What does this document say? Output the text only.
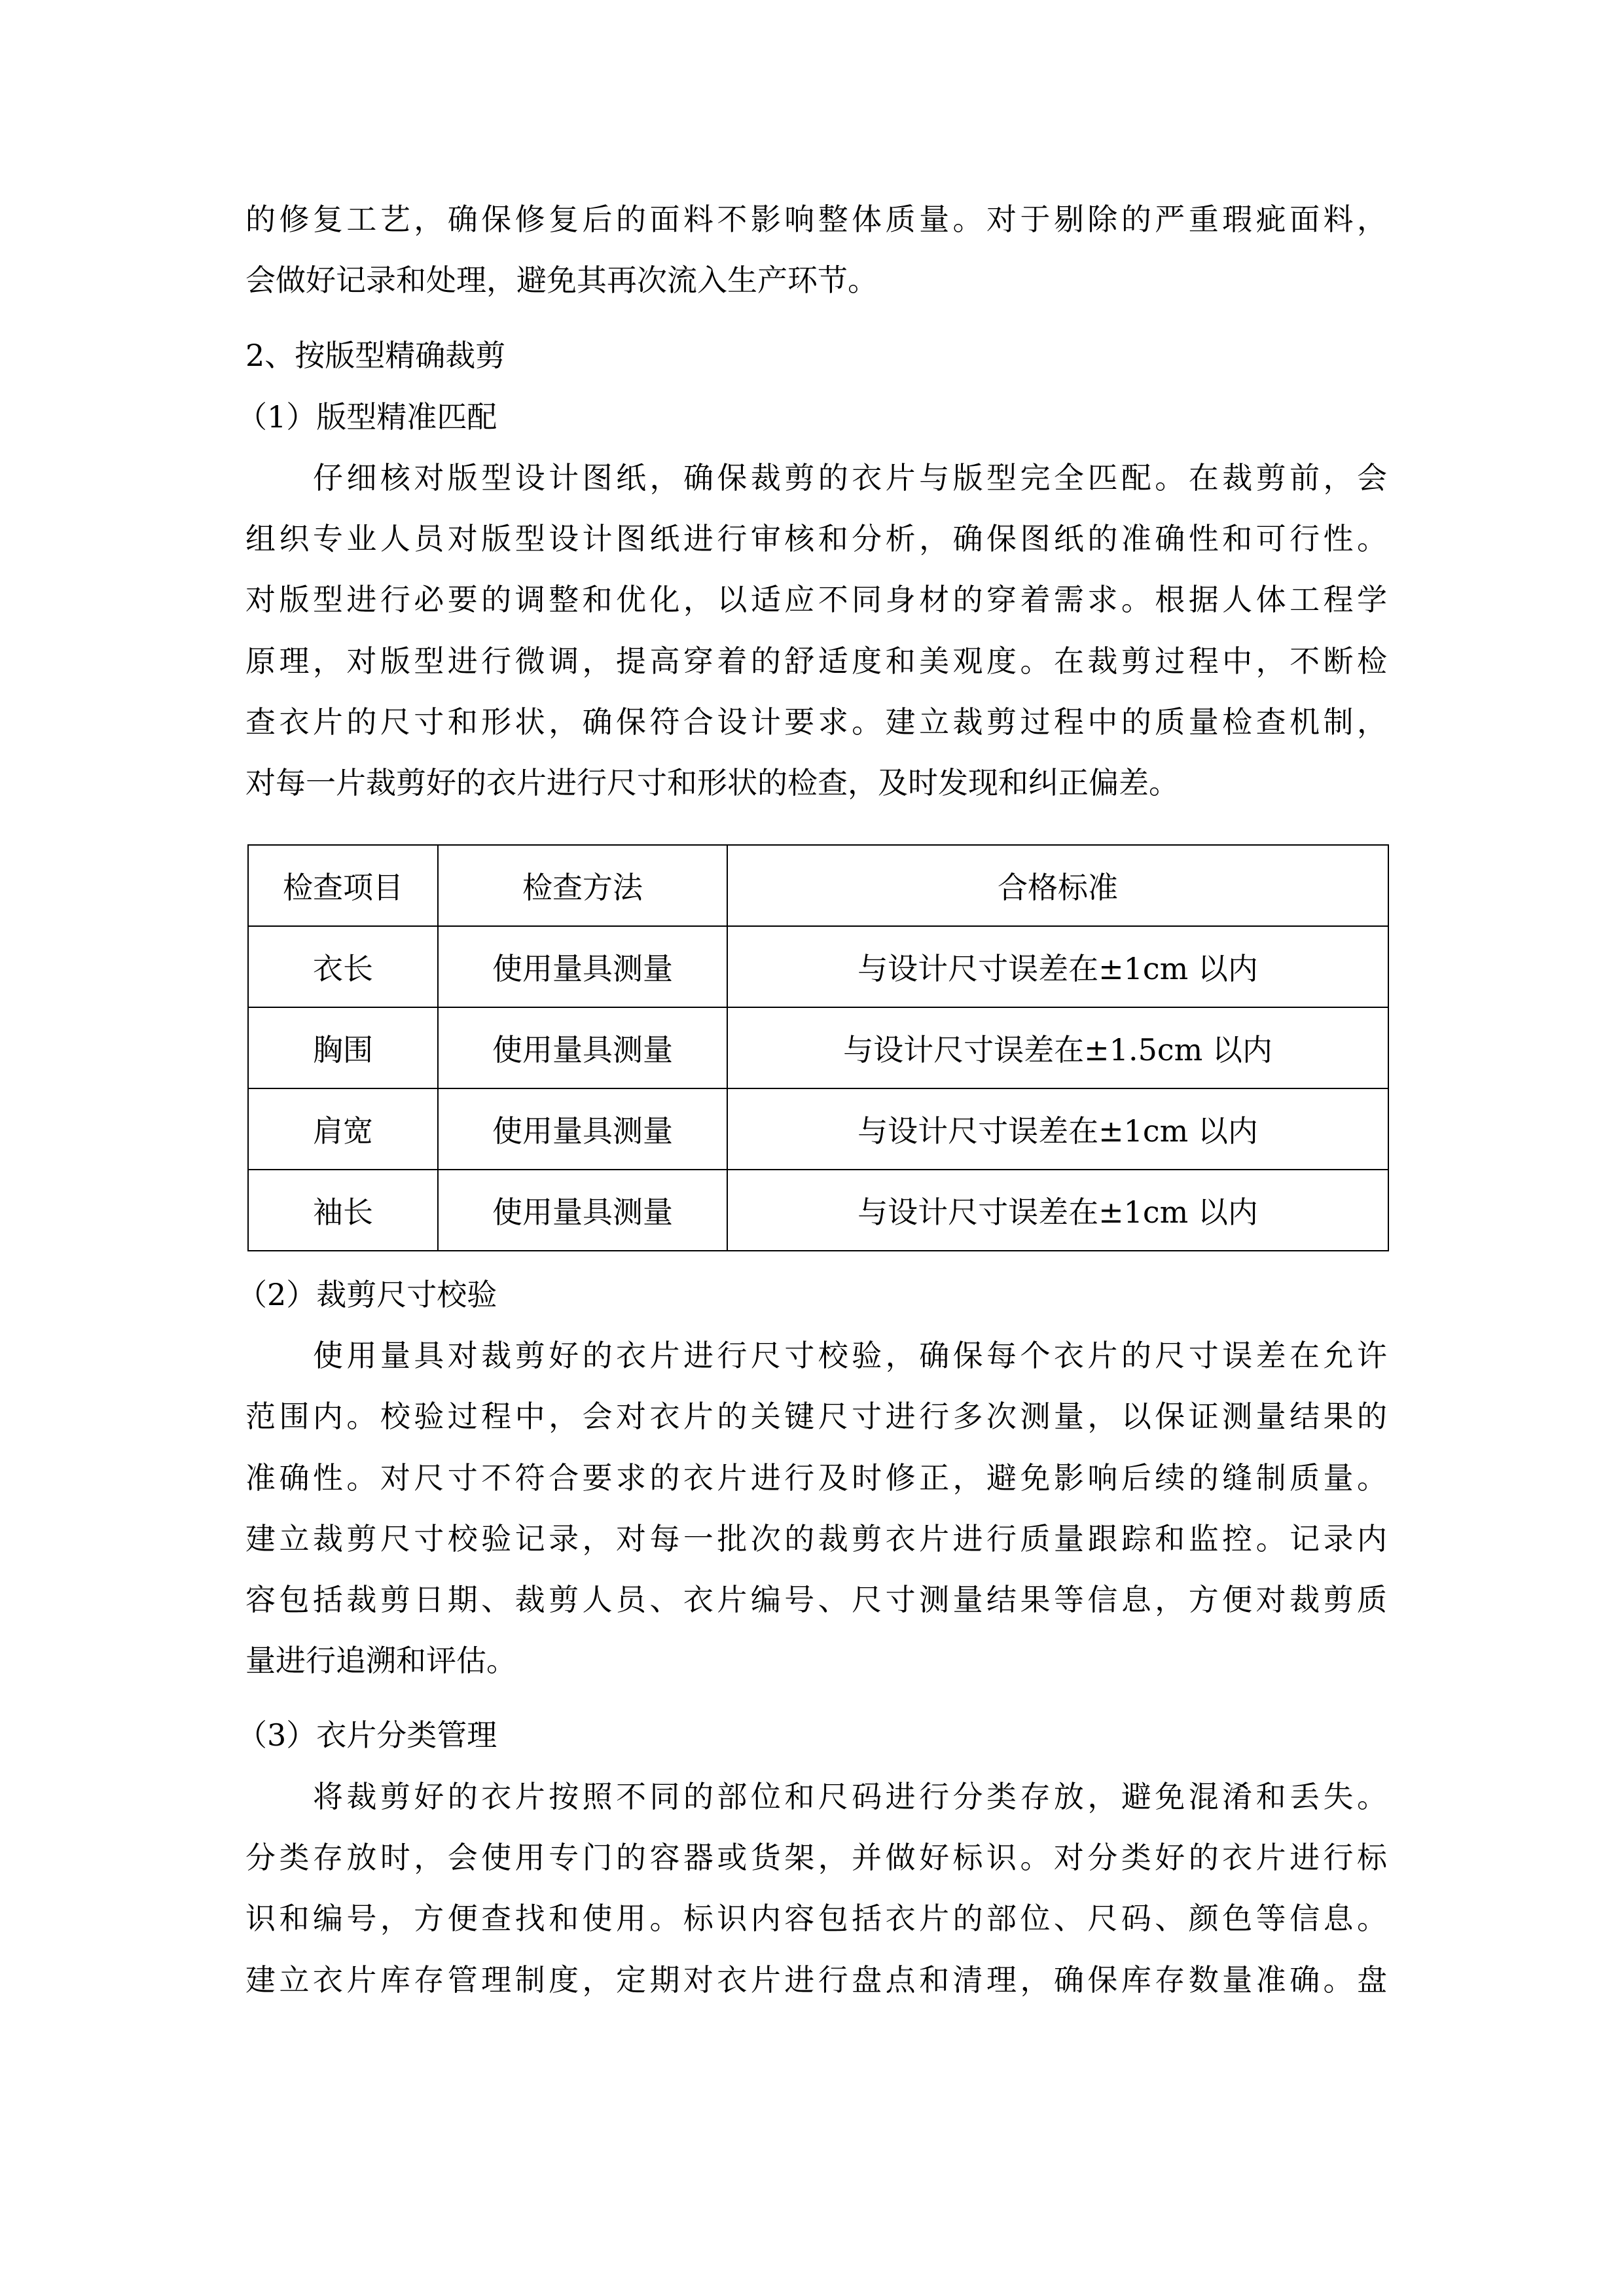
的修复工艺，确保修复后的面料不影响整体质量。对于剔除的严重瑕疵面料，
会做好记录和处理，避免其再次流入生产环节。
2、按版型精确裁剪
（1）版型精准匹配
仔细核对版型设计图纸，确保裁剪的衣片与版型完全匹配。在裁剪前，会
组织专业人员对版型设计图纸进行审核和分析，确保图纸的准确性和可行性。
对版型进行必要的调整和优化，以适应不同身材的穿着需求。根据人体工程学
原理，对版型进行微调，提高穿着的舒适度和美观度。在裁剪过程中，不断检
查衣片的尺寸和形状，确保符合设计要求。建立裁剪过程中的质量检查机制，
对每一片裁剪好的衣片进行尺寸和形状的检查，及时发现和纠正偏差。
检查项目	检查方法	合格标准
衣长	使用量具测量	与设计尺寸误差在±1cm 以内
胸围	使用量具测量	与设计尺寸误差在±1.5cm 以内
肩宽	使用量具测量	与设计尺寸误差在±1cm 以内
袖长	使用量具测量	与设计尺寸误差在±1cm 以内
（2）裁剪尺寸校验
使用量具对裁剪好的衣片进行尺寸校验，确保每个衣片的尺寸误差在允许
范围内。校验过程中，会对衣片的关键尺寸进行多次测量，以保证测量结果的
准确性。对尺寸不符合要求的衣片进行及时修正，避免影响后续的缝制质量。
建立裁剪尺寸校验记录，对每一批次的裁剪衣片进行质量跟踪和监控。记录内
容包括裁剪日期、裁剪人员、衣片编号、尺寸测量结果等信息，方便对裁剪质
量进行追溯和评估。
（3）衣片分类管理
将裁剪好的衣片按照不同的部位和尺码进行分类存放，避免混淆和丢失。
分类存放时，会使用专门的容器或货架，并做好标识。对分类好的衣片进行标
识和编号，方便查找和使用。标识内容包括衣片的部位、尺码、颜色等信息。
建立衣片库存管理制度，定期对衣片进行盘点和清理，确保库存数量准确。盘
